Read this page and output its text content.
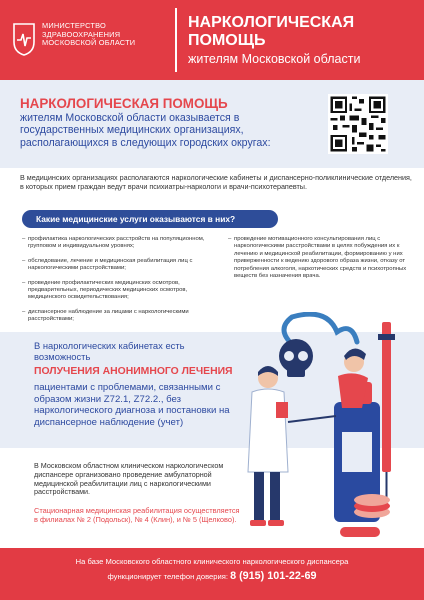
МИНИСТЕРСТВО
ЗДРАВООХРАНЕНИЯ
МОСКОВСКОЙ ОБЛАСТИ
НАРКОЛОГИЧЕСКАЯ
ПОМОЩЬ
жителям Московской области
НАРКОЛОГИЧЕСКАЯ ПОМОЩЬ
жителям Московской области оказывается в государственных медицинских организациях, располагающихся в следующих городских округах:
В медицинских организациях располагаются наркологические кабинеты и диспансерно-поликлинические отделения, в которых прием граждан ведут врачи психиатры-наркологи и врачи-психотерапевты.
Какие медицинские услуги оказываются в них?
– профилактика наркологических расстройств на популяционном, групповом и индивидуальном уровнях;
– обследование, лечение и медицинская реабилитация лиц с наркологическими расстройствами;
– проведение профилактических медицинских осмотров, предварительных, периодических медицинских осмотров, медицинского освидетельствования;
– диспансерное наблюдение за лицами с наркологическими расстройствами;
– проведение мотивационного консультирования лиц с наркологическими расстройствами в целях побуждения их к лечению и медицинской реабилитации, формированию у них приверженности к ведению здорового образа жизни, отказу от потребления алкоголя, наркотических средств и психотропных веществ без назначения врача.
В наркологических кабинетах есть возможность
ПОЛУЧЕНИЯ АНОНИМНОГО ЛЕЧЕНИЯ
пациентами с проблемами, связанными с образом жизни Z72.1, Z72.2., без наркологического диагноза и постановки на диспансерное наблюдение (учет)
В Московском областном клиническом наркологическом диспансере организовано проведение амбулаторной медицинской реабилитации лиц с наркологическими расстройствами.
Стационарная медицинская реабилитация осуществляется в филиалах № 2 (Подольск), № 4 (Клин), и № 5 (Щелково).
На базе Московского областного клинического наркологического диспансера
функционирует телефон доверия: 8 (915) 101-22-69
